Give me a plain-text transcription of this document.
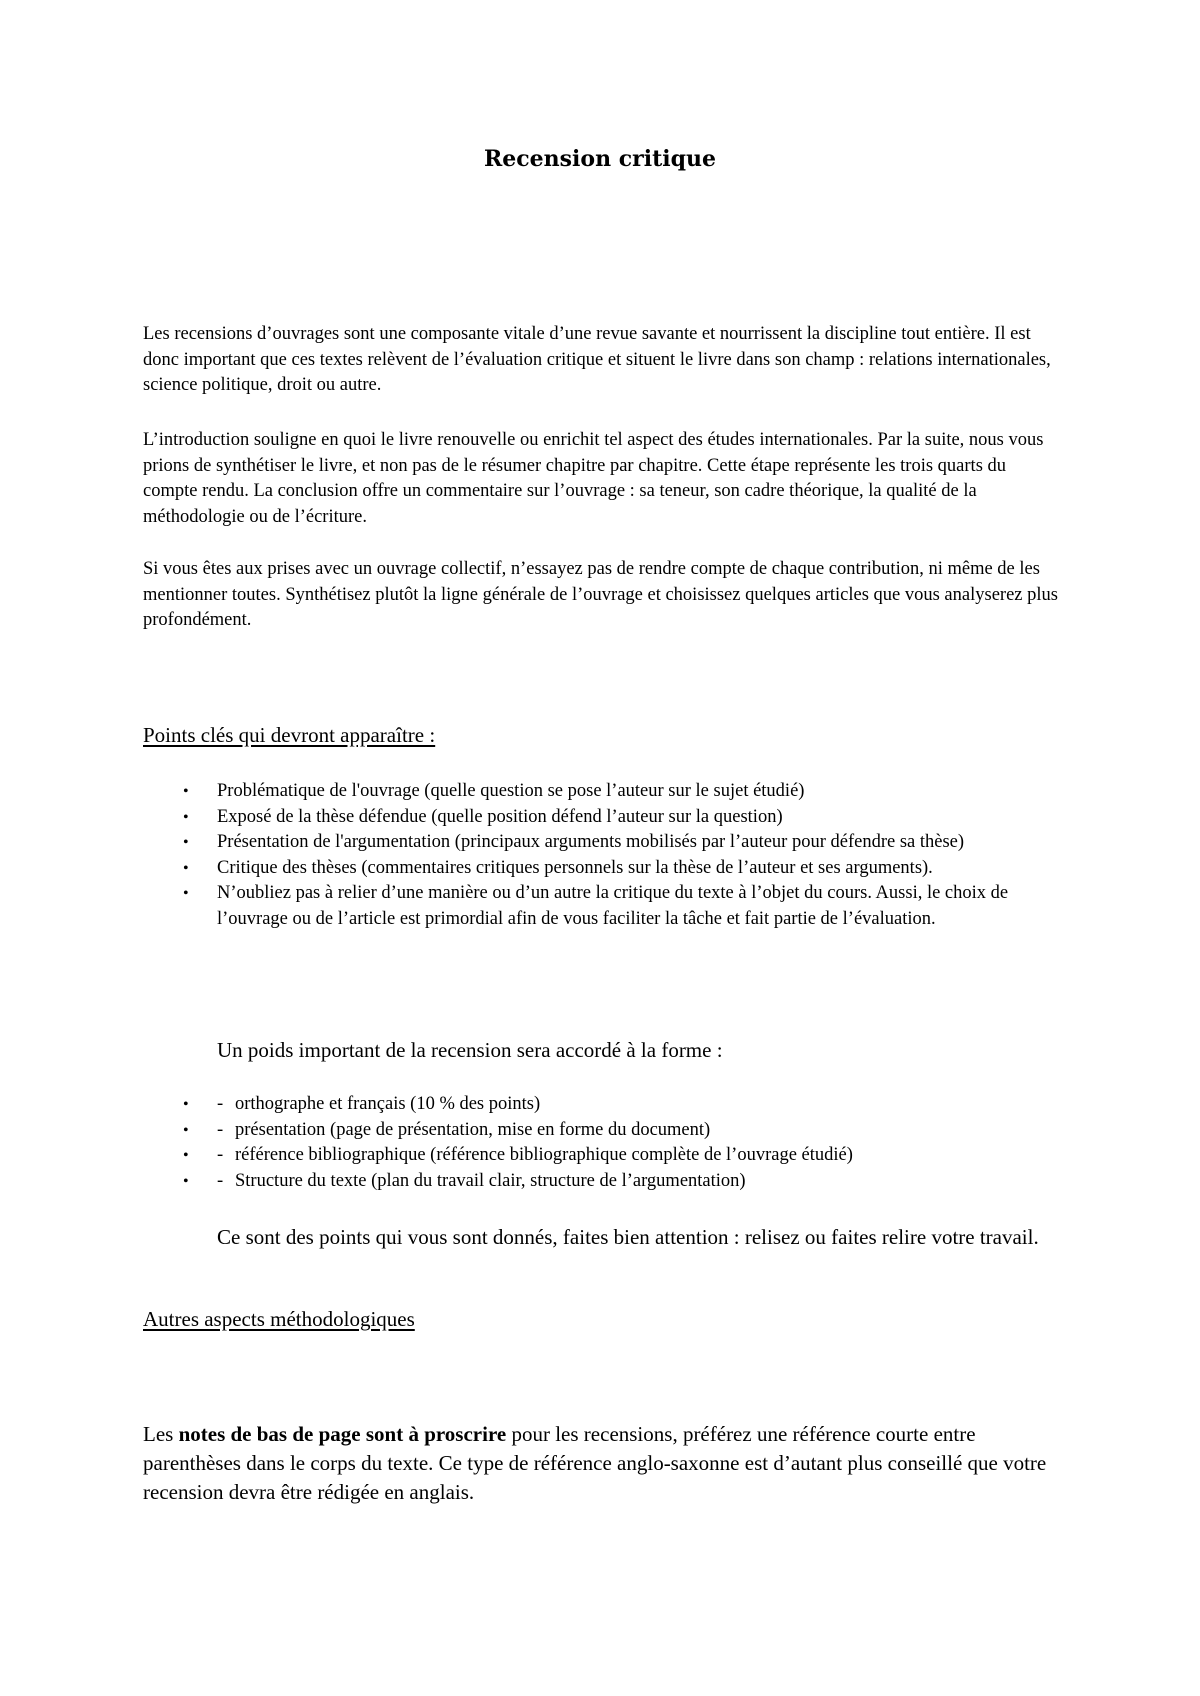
Recension critique

Les recensions d’ouvrages sont une composante vitale d’une revue savante et nourrissent la discipline tout entière. Il est donc important que ces textes relèvent de l’évaluation critique et situent le livre dans son champ : relations internationales, science politique, droit ou autre.

L’introduction souligne en quoi le livre renouvelle ou enrichit tel aspect des études internationales. Par la suite, nous vous prions de synthétiser le livre, et non pas de le résumer chapitre par chapitre. Cette étape représente les trois quarts du compte rendu. La conclusion offre un commentaire sur l’ouvrage : sa teneur, son cadre théorique, la qualité de la méthodologie ou de l’écriture.

Si vous êtes aux prises avec un ouvrage collectif, n’essayez pas de rendre compte de chaque contribution, ni même de les mentionner toutes. Synthétisez plutôt la ligne générale de l’ouvrage et choisissez quelques articles que vous analyserez plus profondément.

Points clés qui devront apparaître :
• Problématique de l'ouvrage (quelle question se pose l’auteur sur le sujet étudié)
• Exposé de la thèse défendue (quelle position défend l’auteur sur la question)
• Présentation de l'argumentation (principaux arguments mobilisés par l’auteur pour défendre sa thèse)
• Critique des thèses (commentaires critiques personnels sur la thèse de l’auteur et ses arguments).
• N’oubliez pas à relier d’une manière ou d’un autre la critique du texte à l’objet du cours. Aussi, le choix de l’ouvrage ou de l’article est primordial afin de vous faciliter la tâche et fait partie de l’évaluation.

Un poids important de la recension sera accordé à la forme :

• - orthographe et français (10 % des points)
• - présentation (page de présentation, mise en forme du document)
• - référence bibliographique (référence bibliographique complète de l’ouvrage étudié)
• - Structure du texte (plan du travail clair, structure de l’argumentation)

Ce sont des points qui vous sont donnés, faites bien attention : relisez ou faites relire votre travail.

Autres aspects méthodologiques

Les notes de bas de page sont à proscrire pour les recensions, préférez une référence courte entre parenthèses dans le corps du texte. Ce type de référence anglo-saxonne est d’autant plus conseillé que votre recension devra être rédigée en anglais.
